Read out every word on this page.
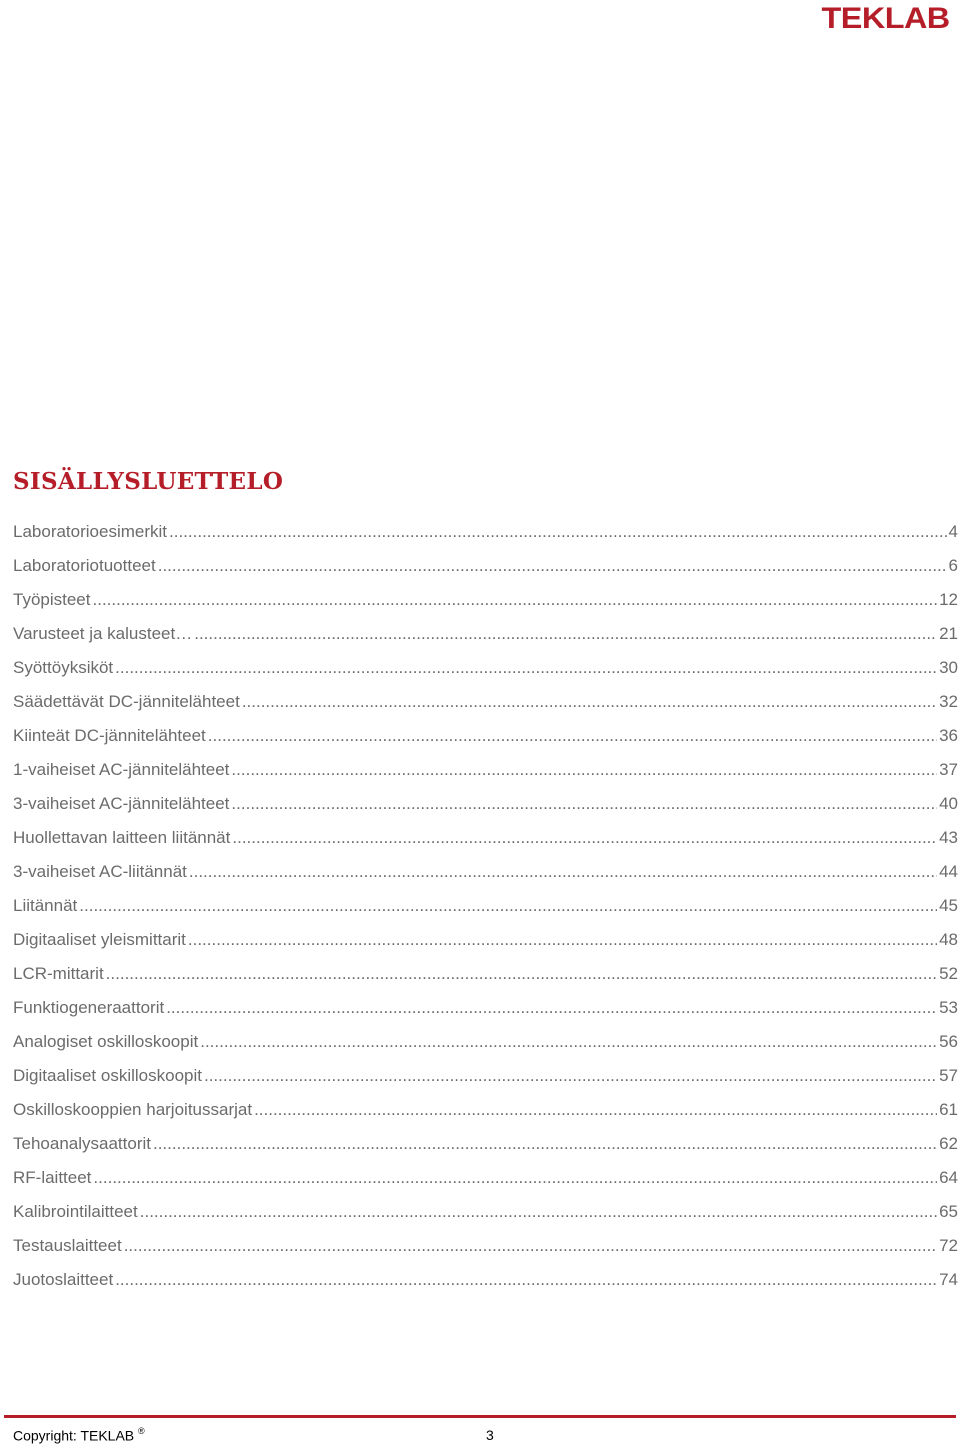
TEKLAB
SISÄLLYSLUETTELO
Laboratorioesimerkit .....	4
Laboratoriotuotteet .....	6
Työpisteet .....	12
Varusteet ja kalusteet… .....	21
Syöttöyksiköt .....	30
Säädettävät DC-jännitelähteet .....	32
Kiinteät DC-jännitelähteet .....	36
1-vaiheiset AC-jännitelähteet .....	37
3-vaiheiset AC-jännitelähteet .....	40
Huollettavan laitteen liitännät .....	43
3-vaiheiset AC-liitännät .....	44
Liitännät .....	45
Digitaaliset yleismittarit .....	48
LCR-mittarit .....	52
Funktiogeneraattorit .....	53
Analogiset oskilloskoopit .....	56
Digitaaliset oskilloskoopit .....	57
Oskilloskooppien harjoitussarjat .....	61
Tehoanalysaattorit .....	62
RF-laitteet .....	64
Kalibrointilaitteet .....	65
Testauslaitteet .....	72
Juotoslaitteet .....	74
Copyright: TEKLAB ®	3
